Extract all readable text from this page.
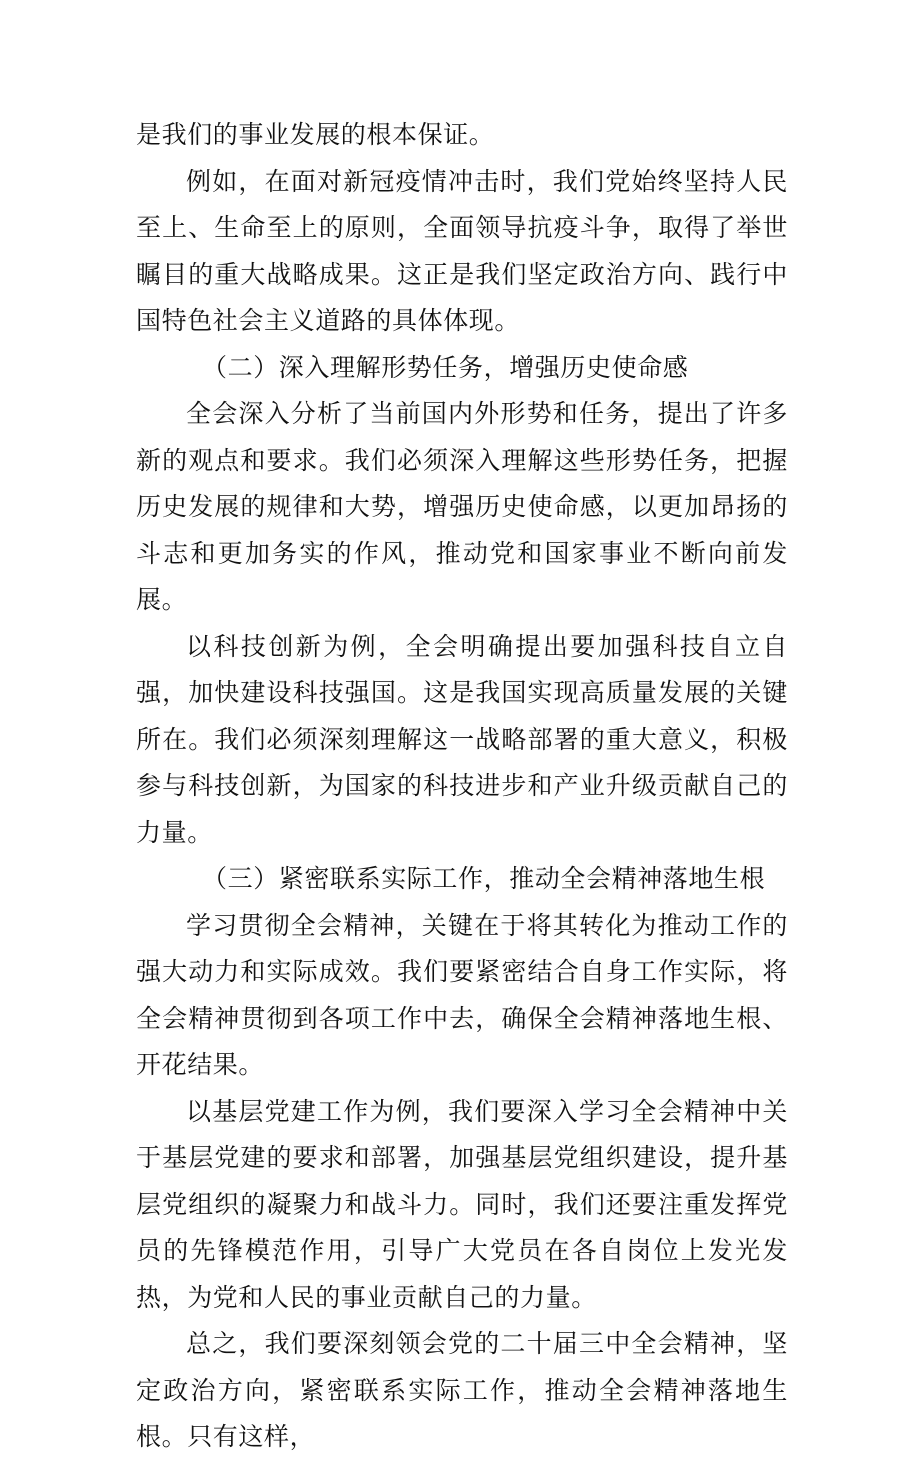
是我们的事业发展的根本保证。

例如，在面对新冠疫情冲击时，我们党始终坚持人民至上、生命至上的原则，全面领导抗疫斗争，取得了举世瞩目的重大战略成果。这正是我们坚定政治方向、践行中国特色社会主义道路的具体体现。

（二）深入理解形势任务，增强历史使命感

全会深入分析了当前国内外形势和任务，提出了许多新的观点和要求。我们必须深入理解这些形势任务，把握历史发展的规律和大势，增强历史使命感，以更加昂扬的斗志和更加务实的作风，推动党和国家事业不断向前发展。

以科技创新为例，全会明确提出要加强科技自立自强，加快建设科技强国。这是我国实现高质量发展的关键所在。我们必须深刻理解这一战略部署的重大意义，积极参与科技创新，为国家的科技进步和产业升级贡献自己的力量。

（三）紧密联系实际工作，推动全会精神落地生根

学习贯彻全会精神，关键在于将其转化为推动工作的强大动力和实际成效。我们要紧密结合自身工作实际，将全会精神贯彻到各项工作中去，确保全会精神落地生根、开花结果。

以基层党建工作为例，我们要深入学习全会精神中关于基层党建的要求和部署，加强基层党组织建设，提升基层党组织的凝聚力和战斗力。同时，我们还要注重发挥党员的先锋模范作用，引导广大党员在各自岗位上发光发热，为党和人民的事业贡献自己的力量。

总之，我们要深刻领会党的二十届三中全会精神，坚定政治方向，紧密联系实际工作，推动全会精神落地生根。只有这样，
